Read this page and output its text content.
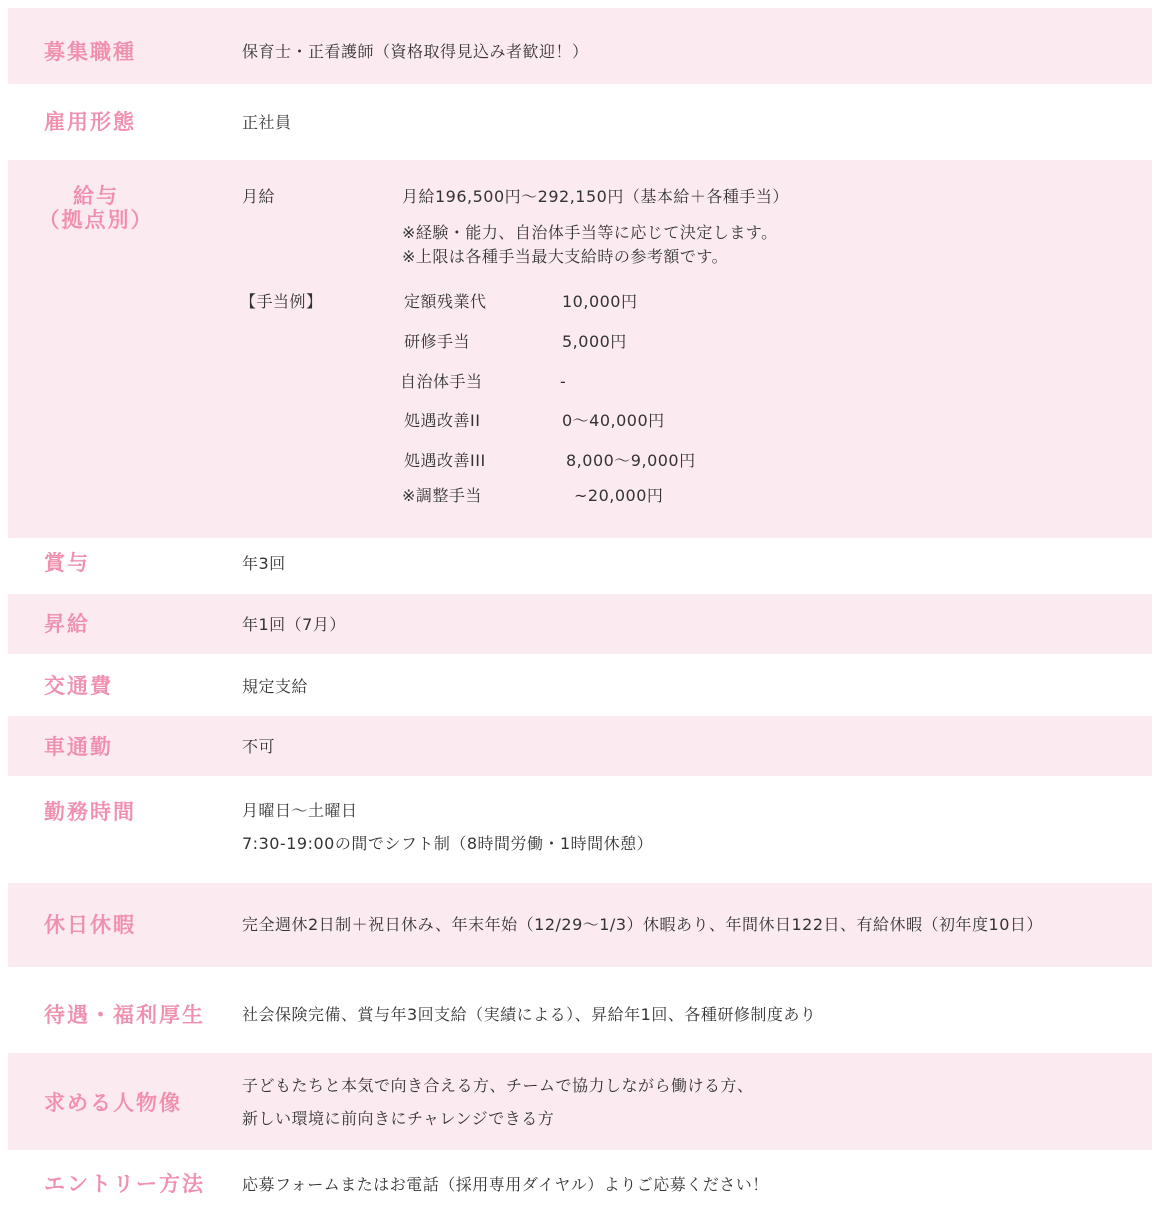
募集職種	保育士・正看護師（資格取得見込み者歓迎！）
雇用形態	正社員
給与
（拠点別）
月給	月給196,500円～292,150円（基本給＋各種手当）
※経験・能力、自治体手当等に応じて決定します。
※上限は各種手当最大支給時の参考額です。
【手当例】	定額残業代	10,000円
研修手当	5,000円
自治体手当	-
処遇改善II	0～40,000円
処遇改善III	8,000～9,000円
※調整手当	~20,000円
賞与	年3回
昇給	年1回（7月）
交通費	規定支給
車通勤	不可
勤務時間	月曜日～土曜日
7:30-19:00の間でシフト制（8時間労働・1時間休憩）
休日休暇	完全週休2日制＋祝日休み、年末年始（12/29～1/3）休暇あり、年間休日122日、有給休暇（初年度10日）
待遇・福利厚生 社会保険完備、賞与年3回支給（実績による）、昇給年1回、各種研修制度あり
求める人物像
子どもたちと本気で向き合える方、チームで協力しながら働ける方、
新しい環境に前向きにチャレンジできる方
エントリー方法 応募フォームまたはお電話（採用専用ダイヤル）よりご応募ください！
